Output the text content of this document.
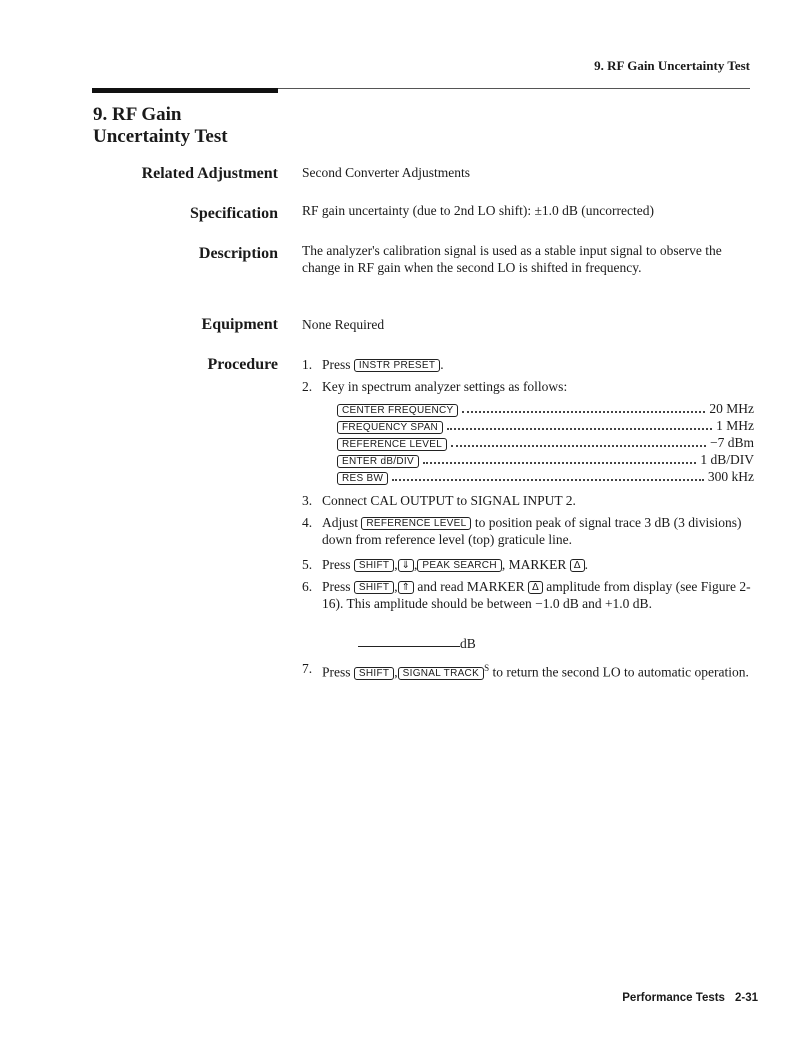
9. RF Gain Uncertainty Test
9. RF Gain
Uncertainty Test
Related Adjustment Second Converter Adjustments
Specification RF gain uncertainty (due to 2nd LO shift): ±1.0 dB (uncorrected)
Description The analyzer's calibration signal is used as a stable input signal to observe the change in RF gain when the second LO is shifted in frequency.
Equipment None Required
Procedure 1. Press INSTR PRESET .
2. Key in spectrum analyzer settings as follows:
CENTER FREQUENCY	20 MHz
FREQUENCY SPAN	1 MHz
REFERENCE LEVEL	−7 dBm
ENTER dB/DIV	1 dB/DIV
RES BW	300 kHz
3. Connect CAL OUTPUT to SIGNAL INPUT 2.
4. Adjust REFERENCE LEVEL to position peak of signal trace 3 dB (3 divisions) down from reference level (top) graticule line.
5. Press SHIFT , ⇓ , PEAK SEARCH , MARKER Δ .
6. Press SHIFT , ⇑ and read MARKER Δ amplitude from display (see Figure 2-16). This amplitude should be between −1.0 dB and +1.0 dB.
dB
7. Press SHIFT , SIGNAL TRACK $^S$ to return the second LO to automatic operation.
Performance Tests 2-31
